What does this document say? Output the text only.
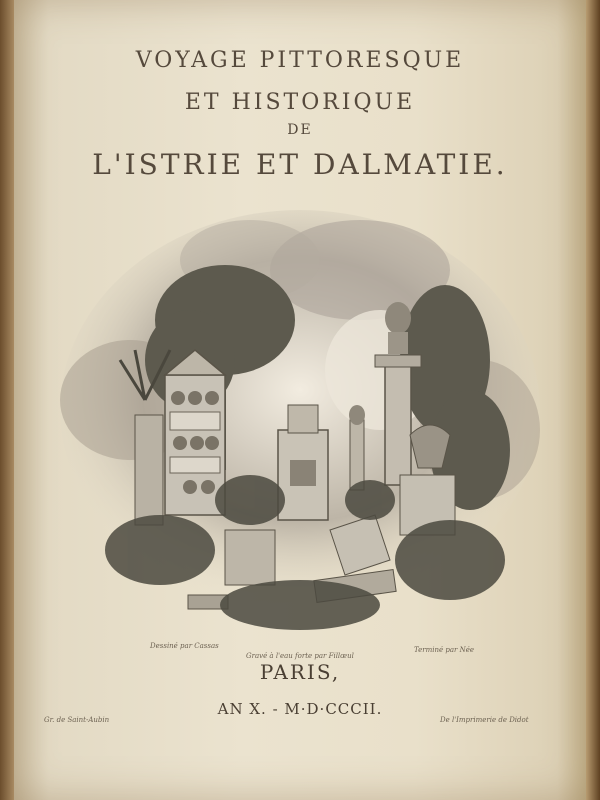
VOYAGE PITTORESQUE
ET HISTORIQUE
DE
L'ISTRIE ET DALMATIE.
Dessiné par Cassas
Gravé à l'eau forte par Fillœul
Terminé par Née
Gr. de Saint-Aubin	De l'Imprimerie de Didot
PARIS,
AN X. - M·D·CCCII.
